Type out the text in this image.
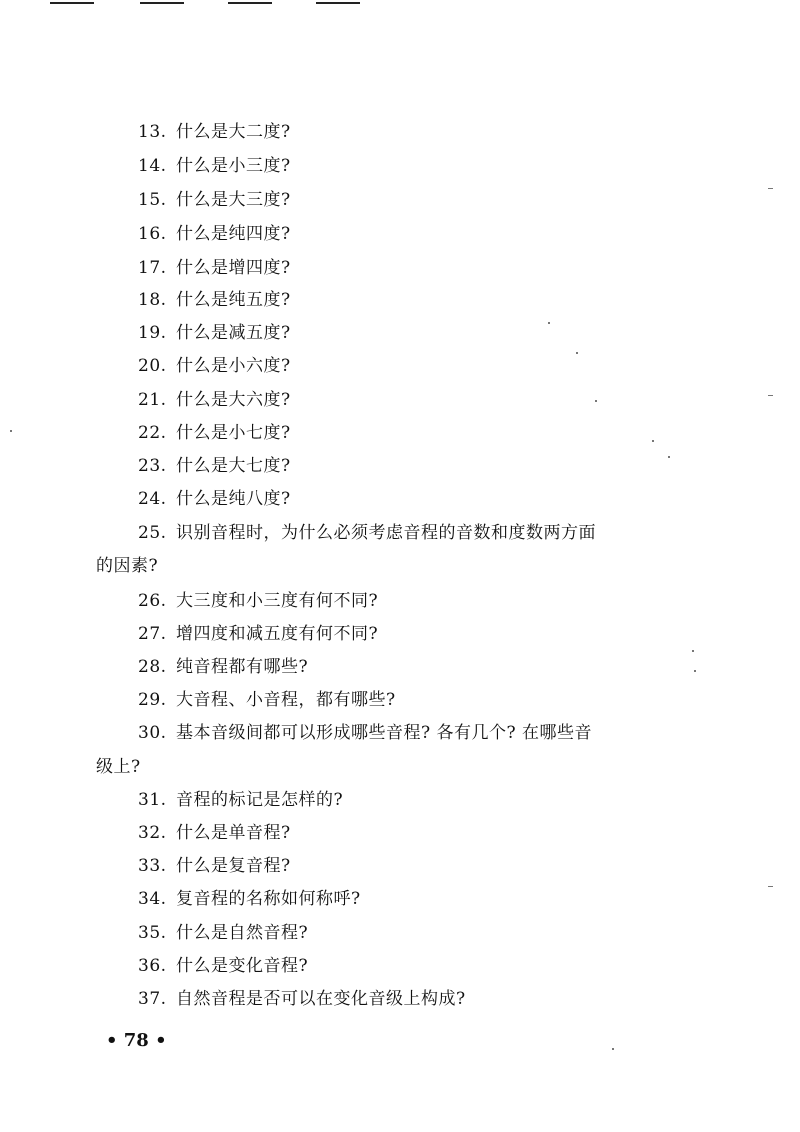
13. 什么是大二度?
14. 什么是小三度?
15. 什么是大三度?
16. 什么是纯四度?
17. 什么是增四度?
18. 什么是纯五度?
19. 什么是减五度?
20. 什么是小六度?
21. 什么是大六度?
22. 什么是小七度?
23. 什么是大七度?
24. 什么是纯八度?
25. 识别音程时，为什么必须考虑音程的音数和度数两方面
的因素?
26. 大三度和小三度有何不同?
27. 增四度和减五度有何不同?
28. 纯音程都有哪些?
29. 大音程、小音程，都有哪些?
30. 基本音级间都可以形成哪些音程? 各有几个? 在哪些音
级上?
31. 音程的标记是怎样的?
32. 什么是单音程?
33. 什么是复音程?
34. 复音程的名称如何称呼?
35. 什么是自然音程?
36. 什么是变化音程?
37. 自然音程是否可以在变化音级上构成?
• 78 •
